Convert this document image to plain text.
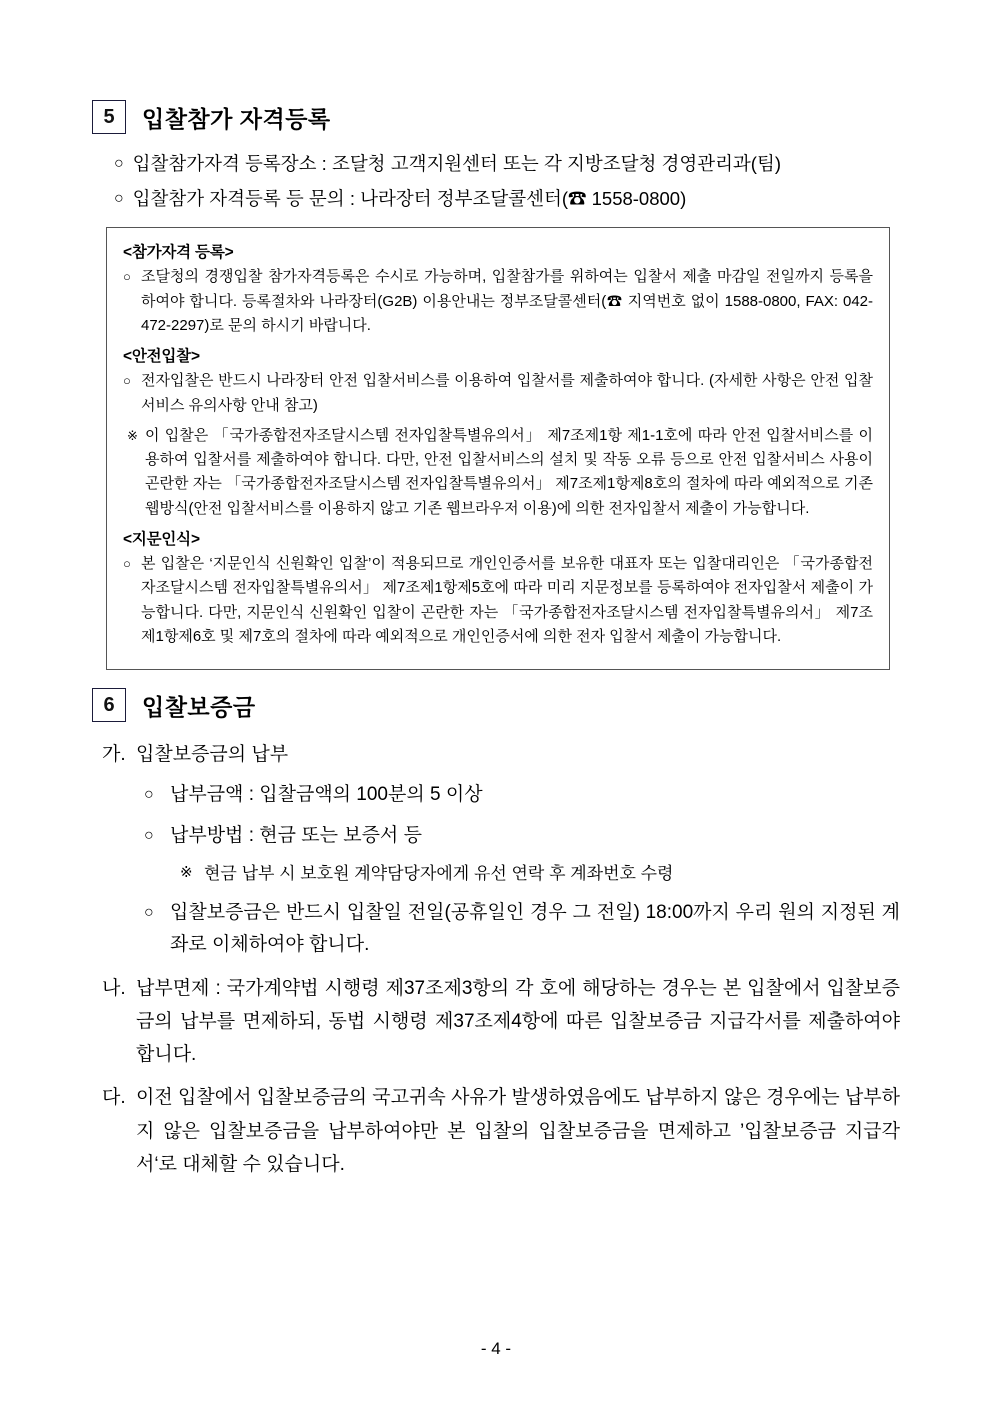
5	입찰참가 자격등록
○ 입찰참가자격 등록장소 : 조달청 고객지원센터 또는 각 지방조달청 경영관리과(팀)
○ 입찰참가 자격등록 등 문의 : 나라장터 정부조달콜센터(☎ 1558-0800)
<참가자격 등록>
○ 조달청의 경쟁입찰 참가자격등록은 수시로 가능하며, 입찰참가를 위하여는 입찰서 제출 마감일 전일까지 등록을 하여야 합니다. 등록절차와 나라장터(G2B) 이용안내는 정부조달콜센터(☎ 지역번호 없이 1588-0800, FAX: 042-472-2297)로 문의 하시기 바랍니다.
<안전입찰>
○ 전자입찰은 반드시 나라장터 안전 입찰서비스를 이용하여 입찰서를 제출하여야 합니다. (자세한 사항은 안전 입찰서비스 유의사항 안내 참고)
※ 이 입찰은 「국가종합전자조달시스템 전자입찰특별유의서」 제7조제1항 제1-1호에 따라 안전 입찰서비스를 이용하여 입찰서를 제출하여야 합니다. 다만, 안전 입찰서비스의 설치 및 작동 오류 등으로 안전 입찰서비스 사용이 곤란한 자는 「국가종합전자조달시스템 전자입찰특별유의서」 제7조제1항제8호의 절차에 따라 예외적으로 기존 웹방식(안전 입찰서비스를 이용하지 않고 기존 웹브라우저 이용)에 의한 전자입찰서 제출이 가능합니다.
<지문인식>
○ 본 입찰은 ‘지문인식 신원확인 입찰’이 적용되므로 개인인증서를 보유한 대표자 또는 입찰대리인은 「국가종합전자조달시스템 전자입찰특별유의서」 제7조제1항제5호에 따라 미리 지문정보를 등록하여야 전자입찰서 제출이 가능합니다. 다만, 지문인식 신원확인 입찰이 곤란한 자는 「국가종합전자조달시스템 전자입찰특별유의서」 제7조제1항제6호 및 제7호의 절차에 따라 예외적으로 개인인증서에 의한 전자 입찰서 제출이 가능합니다.
6	입찰보증금
가. 입찰보증금의 납부
○ 납부금액 : 입찰금액의 100분의 5 이상
○ 납부방법 : 현금 또는 보증서 등
※ 현금 납부 시 보호원 계약담당자에게 유선 연락 후 계좌번호 수령
○ 입찰보증금은 반드시 입찰일 전일(공휴일인 경우 그 전일) 18:00까지 우리 원의 지정된 계좌로 이체하여야 합니다.
나. 납부면제 : 국가계약법 시행령 제37조제3항의 각 호에 해당하는 경우는 본 입찰에서 입찰보증금의 납부를 면제하되, 동법 시행령 제37조제4항에 따른 입찰보증금 지급각서를 제출하여야 합니다.
다. 이전 입찰에서 입찰보증금의 국고귀속 사유가 발생하였음에도 납부하지 않은 경우에는 납부하지 않은 입찰보증금을 납부하여야만 본 입찰의 입찰보증금을 면제하고 ’입찰보증금 지급각서‘로 대체할 수 있습니다.
- 4 -
